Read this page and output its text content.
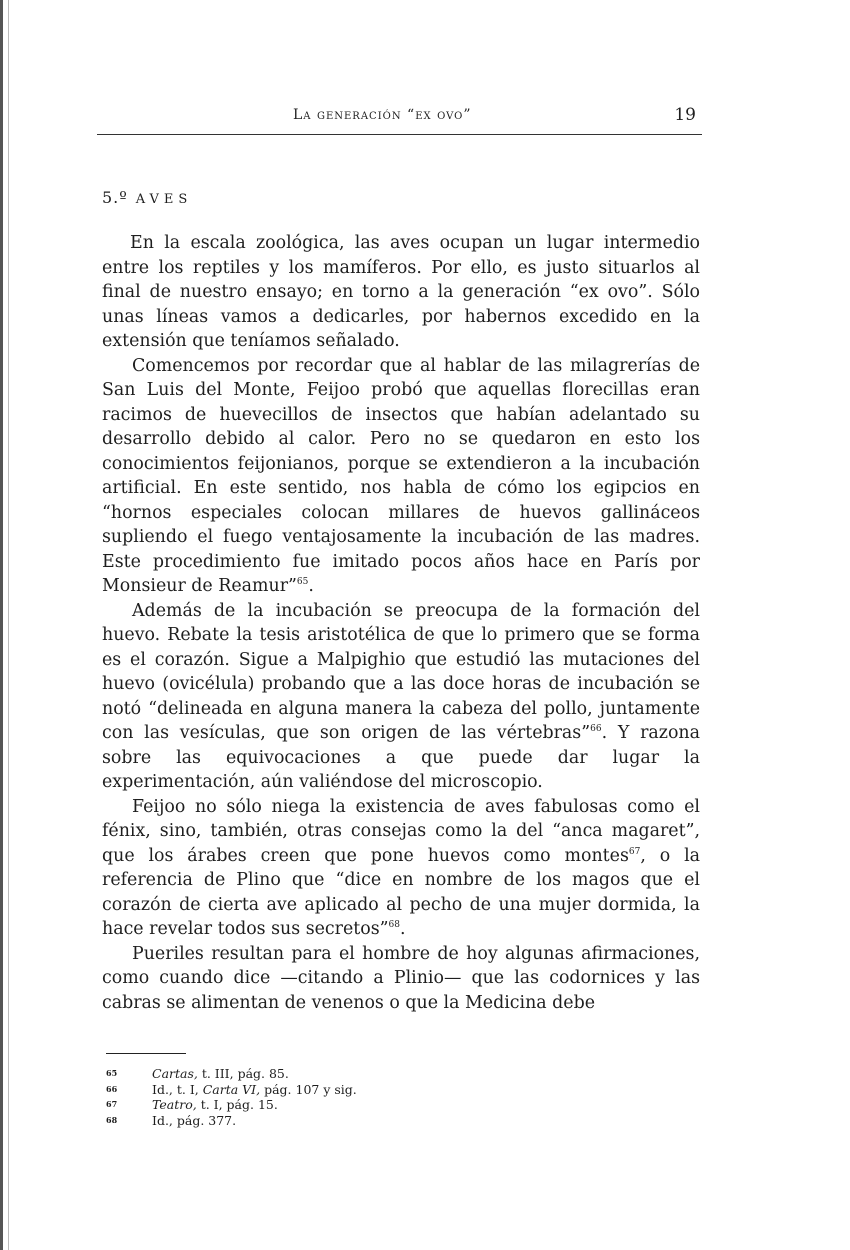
La generación “ex ovo”	19
5.º AVES

En la escala zoológica, las aves ocupan un lugar intermedio entre los reptiles y los mamíferos. Por ello, es justo situarlos al final de nuestro ensayo; en torno a la generación “ex ovo”. Sólo unas líneas vamos a dedicarles, por habernos excedido en la extensión que teníamos señalado.

Comencemos por recordar que al hablar de las milagrerías de San Luis del Monte, Feijoo probó que aquellas florecillas eran racimos de huevecillos de insectos que habían adelantado su desarrollo debido al calor. Pero no se quedaron en esto los conocimientos feijonianos, porque se extendieron a la incubación artificial. En este sentido, nos habla de cómo los egipcios en “hornos especiales colocan millares de huevos gallináceos supliendo el fuego ventajosamente la incubación de las madres. Este procedimiento fue imitado pocos años hace en París por Monsieur de Reamur”$^{65}$.

Además de la incubación se preocupa de la formación del huevo. Rebate la tesis aristotélica de que lo primero que se forma es el corazón. Sigue a Malpighio que estudió las mutaciones del huevo (ovicélula) probando que a las doce horas de incubación se notó “delineada en alguna manera la cabeza del pollo, juntamente con las vesículas, que son origen de las vértebras”$^{66}$. Y razona sobre las equivocaciones a que puede dar lugar la experimentación, aún valiéndose del microscopio.

Feijoo no sólo niega la existencia de aves fabulosas como el fénix, sino, también, otras consejas como la del “anca magaret”, que los árabes creen que pone huevos como montes$^{67}$, o la referencia de Plino que “dice en nombre de los magos que el corazón de cierta ave aplicado al pecho de una mujer dormida, la hace revelar todos sus secretos”$^{68}$.

Pueriles resultan para el hombre de hoy algunas afirmaciones, como cuando dice —citando a Plinio— que las codornices y las cabras se alimentan de venenos o que la Medicina debe

65	Cartas, t. III, pág. 85.
66	Id., t. I, Carta VI, pág. 107 y sig.
67	Teatro, t. I, pág. 15.
68	Id., pág. 377.
